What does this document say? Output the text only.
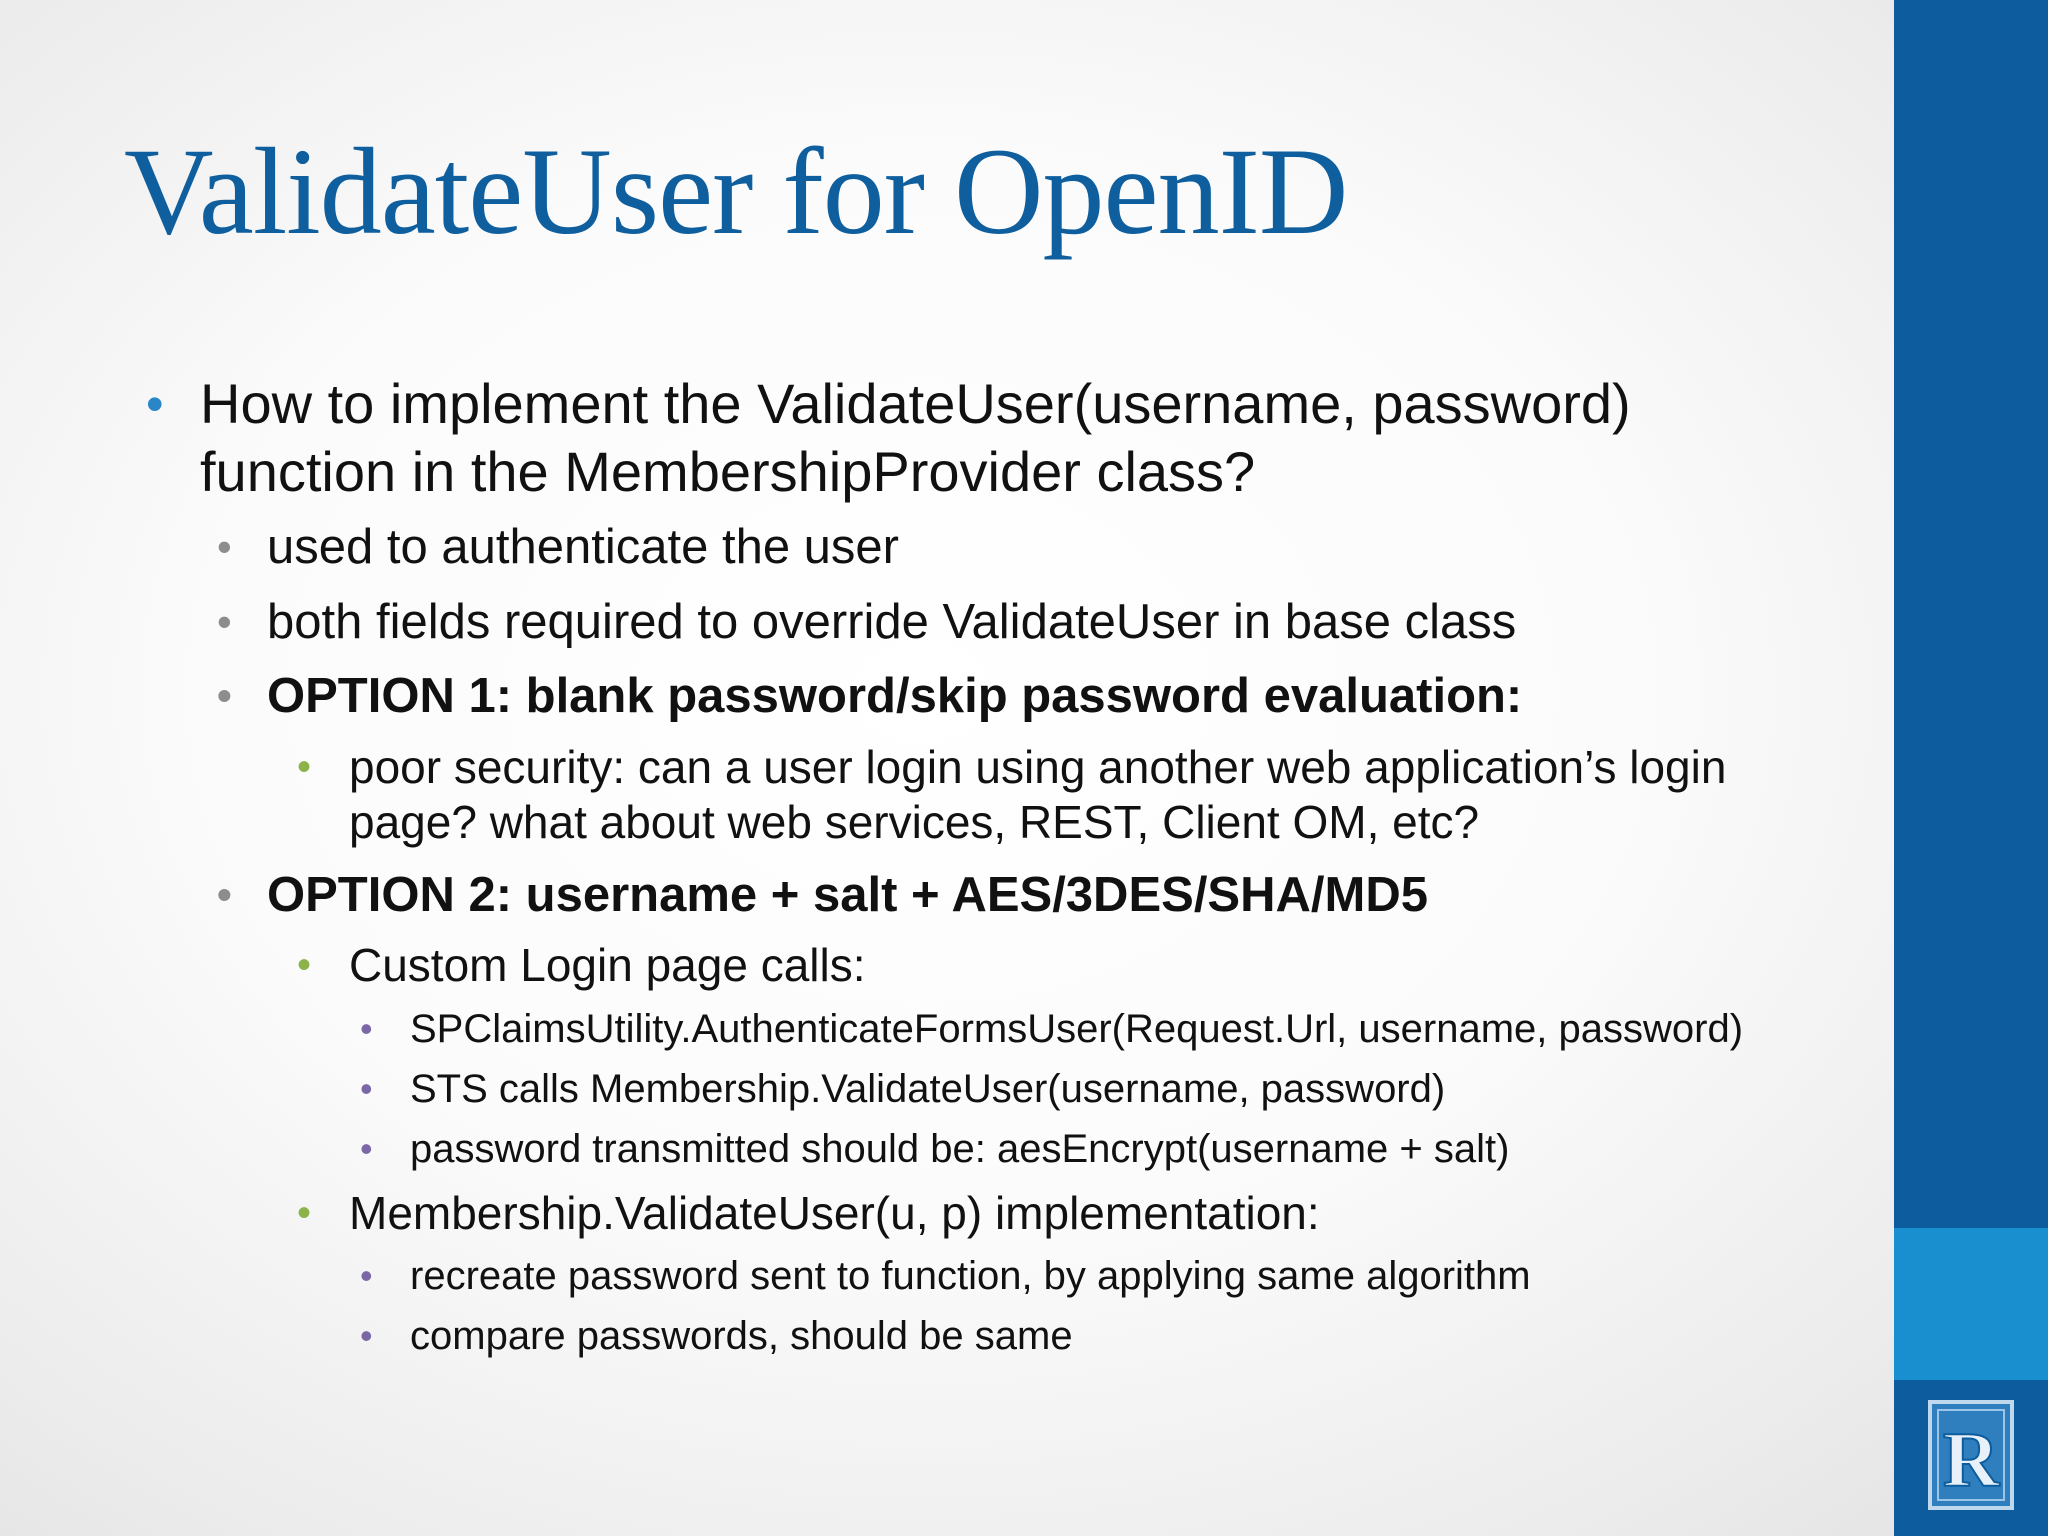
ValidateUser for OpenID
• How to implement the ValidateUser(username, password)
function in the MembershipProvider class?
• used to authenticate the user
• both fields required to override ValidateUser in base class
• OPTION 1: blank password/skip password evaluation:
• poor security: can a user login using another web application’s login
page? what about web services, REST, Client OM, etc?
• OPTION 2: username + salt + AES/3DES/SHA/MD5
• Custom Login page calls:
• SPClaimsUtility.AuthenticateFormsUser(Request.Url, username, password)
• STS calls Membership.ValidateUser(username, password)
• password transmitted should be: aesEncrypt(username + salt)
• Membership.ValidateUser(u, p) implementation:
• recreate password sent to function, by applying same algorithm
• compare passwords, should be same
R
